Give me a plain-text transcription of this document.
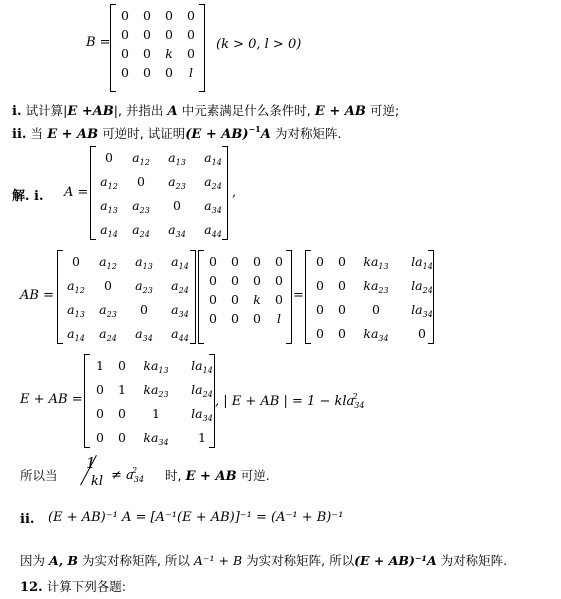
B =
0	0	0	0
0	0	0	0
0	0	k	0
0	0	0	l
(k > 0, l > 0)
i. 试计算|E +AB|, 并指出 A 中元素满足什么条件时, E + AB 可逆;
ii. 当 E + AB 可逆时, 试证明(E + AB)$^{-1}$A 为对称矩阵.
解. i. A =
0	$a_{12}$	$a_{13}$	$a_{14}$
$a_{12}$	0	$a_{23}$	$a_{24}$
$a_{13}$	$a_{23}$	0	$a_{34}$
$a_{14}$	$a_{24}$	$a_{34}$	$a_{44}$
,
AB =
0	$a_{12}$	$a_{13}$	$a_{14}$
$a_{12}$	0	$a_{23}$	$a_{24}$
$a_{13}$	$a_{23}$	0	$a_{34}$
$a_{14}$	$a_{24}$	$a_{34}$	$a_{44}$
0	0	0	0
0	0	0	0
0	0	k	0
0	0	0	l
=
0	0	$ka_{13}$	$la_{14}$
0	0	$ka_{23}$	$la_{24}$
0	0	0	$la_{34}$
0	0	$ka_{34}$	0
E + AB =
1	0	$ka_{13}$	$la_{14}$
0	1	$ka_{23}$	$la_{24}$
0	0	1	$la_{34}$
0	0	$ka_{34}$	1
, | E + AB | = 1 − kla$_{34}^2$
所以当
1
kl ≠ $a_{34}^2$ 时, E + AB 可逆.
ii. (E + AB)⁻¹ A = [A⁻¹(E + AB)]⁻¹ = (A⁻¹ + B)⁻¹
因为 A, B 为实对称矩阵, 所以 A⁻¹ + B 为实对称矩阵, 所以(E + AB)⁻¹A 为对称矩阵.
12. 计算下列各题:
